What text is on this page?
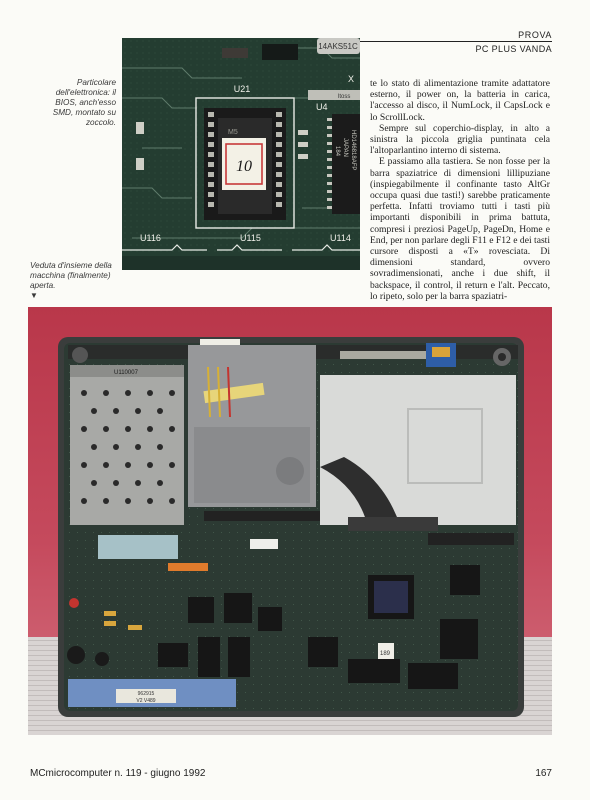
PROVA
PC PLUS VANDA
Particolare dell'elettronica: il BIOS, anch'esso SMD, montato su zoccolo.
14AKS51C
U21
M5
10
U4
X
ltoss
JAPAN HD146818AFP
184
U116	U115	U114

te lo stato di alimentazione tramite adattatore esterno, il power on, la batteria in carica, l'accesso al disco, il NumLock, il CapsLock e lo ScrollLock.

Sempre sul coperchio-display, in alto a sinistra la piccola griglia puntinata cela l'altoparlantino interno di sistema.

E passiamo alla tastiera. Se non fosse per la barra spaziatrice di dimensioni lillipuziane (inspiegabilmente il confinante tasto AltGr occupa quasi due tasti!) sarebbe praticamente perfetta. Infatti troviamo tutti i tasti più importanti disponibili in prima battuta, compresi i preziosi PageUp, PageDn, Home e End, per non parlare degli F11 e F12 e dei tasti cursore disposti a «T» rovesciata. Di dimensioni standard, ovvero sovradimensionati, anche i due shift, il backspace, il control, il return e l'alt. Peccato, lo ripeto, solo per la barra spaziatri-

Veduta d'insieme della macchina (finalmente) aperta.
▼
U110007
189
962915
V2 V489
MCmicrocomputer n. 119 - giugno 1992	167
